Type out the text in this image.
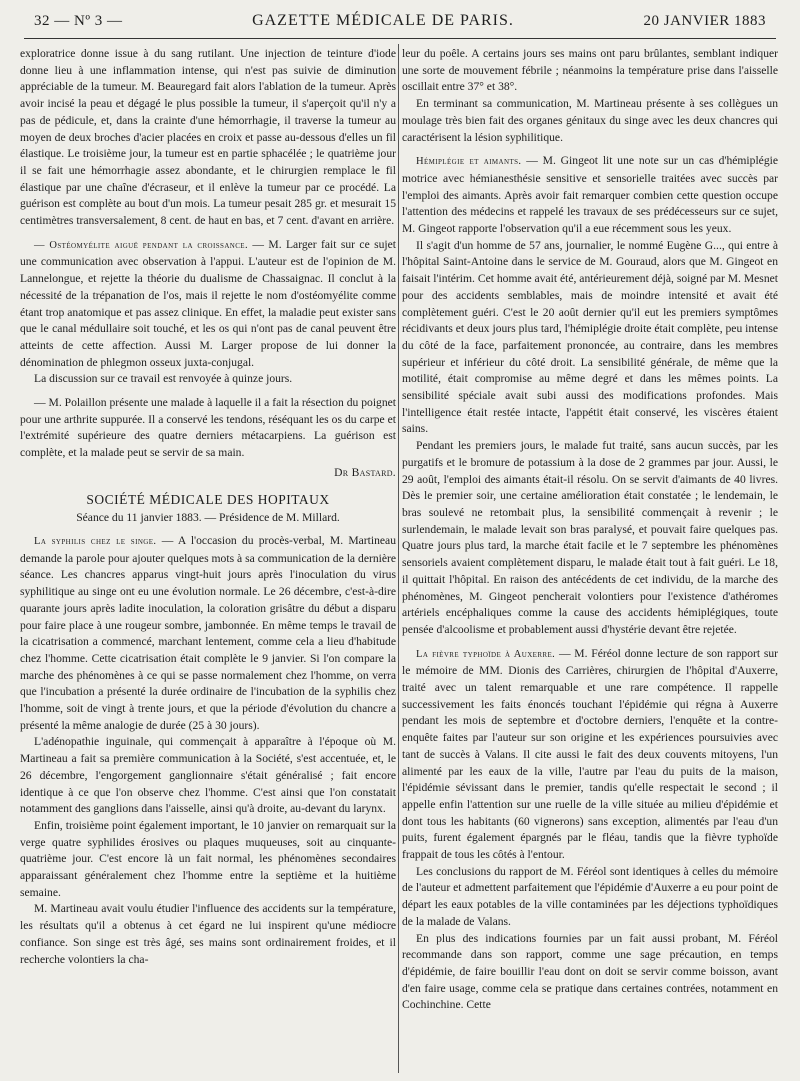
32 — Nº 3 —	GAZETTE MÉDICALE DE PARIS.	20 JANVIER 1883

exploratrice donne issue à du sang rutilant. Une injection de teinture d'iode donne lieu à une inflammation intense, qui n'est pas suivie de diminution appréciable de la tumeur. M. Beauregard fait alors l'ablation de la tumeur. Après avoir incisé la peau et dégagé le plus possible la tumeur, il s'aperçoit qu'il n'y a pas de pédicule, et, dans la crainte d'une hémorrhagie, il traverse la tumeur au moyen de deux broches d'acier placées en croix et passe au-dessous d'elles un fil élastique. Le troisième jour, la tumeur est en partie sphacélée ; le quatrième jour il se fait une hémorrhagie assez abondante, et le chirurgien remplace le fil élastique par une chaîne d'écraseur, et il enlève la tumeur par ce procédé. La guérison est complète au bout d'un mois. La tumeur pesait 285 gr. et mesurait 15 centimètres transversalement, 8 cent. de haut en bas, et 7 cent. d'avant en arrière.

— Ostéomyélite aiguë pendant la croissance. — M. Larger fait sur ce sujet une communication avec observation à l'appui. L'auteur est de l'opinion de M. Lannelongue, et rejette la théorie du dualisme de Chassaignac. Il conclut à la nécessité de la trépanation de l'os, mais il rejette le nom d'ostéomyélite comme étant trop anatomique et pas assez clinique. En effet, la maladie peut exister sans que le canal médullaire soit touché, et les os qui n'ont pas de canal peuvent être atteints de cette affection. Aussi M. Larger propose de lui donner la dénomination de phlegmon osseux juxta-conjugal.

La discussion sur ce travail est renvoyée à quinze jours.

— M. Polaillon présente une malade à laquelle il a fait la résection du poignet pour une arthrite suppurée. Il a conservé les tendons, réséquant les os du carpe et l'extrémité supérieure des quatre derniers métacarpiens. La guérison est complète, et la malade peut se servir de sa main.

Dr Bastard.

SOCIÉTÉ MÉDICALE DES HOPITAUX

Séance du 11 janvier 1883. — Présidence de M. Millard.

La syphilis chez le singe. — A l'occasion du procès-verbal, M. Martineau demande la parole pour ajouter quelques mots à sa communication de la dernière séance. Les chancres apparus vingt-huit jours après l'inoculation du virus syphilitique au singe ont eu une évolution normale. Le 26 décembre, c'est-à-dire quarante jours après ladite inoculation, la coloration grisâtre du début a disparu pour faire place à une rougeur sombre, jambonnée. En même temps le travail de la cicatrisation a commencé, marchant lentement, comme cela a lieu d'habitude chez l'homme. Cette cicatrisation était complète le 9 janvier. Si l'on compare la marche des phénomènes à ce qui se passe normalement chez l'homme, on verra que l'incubation a présenté la durée ordinaire de l'incubation de la syphilis chez l'homme, soit de vingt à trente jours, et que la période d'évolution du chancre a présenté la même analogie de durée (25 à 30 jours).

L'adénopathie inguinale, qui commençait à apparaître à l'époque où M. Martineau a fait sa première communication à la Société, s'est accentuée, et, le 26 décembre, l'engorgement ganglionnaire s'était généralisé ; fait encore identique à ce que l'on observe chez l'homme. C'est ainsi que l'on constatait notamment des ganglions dans l'aisselle, ainsi qu'à droite, au-devant du larynx.

Enfin, troisième point également important, le 10 janvier on remarquait sur la verge quatre syphilides érosives ou plaques muqueuses, soit au cinquante-quatrième jour. C'est encore là un fait normal, les phénomènes secondaires apparaissant généralement chez l'homme entre la septième et la huitième semaine.

M. Martineau avait voulu étudier l'influence des accidents sur la température, les résultats qu'il a obtenus à cet égard ne lui inspirent qu'une médiocre confiance. Son singe est très âgé, ses mains sont ordinairement froides, et il recherche volontiers la cha-

leur du poêle. A certains jours ses mains ont paru brûlantes, semblant indiquer une sorte de mouvement fébrile ; néanmoins la température prise dans l'aisselle oscillait entre 37° et 38°.

En terminant sa communication, M. Martineau présente à ses collègues un moulage très bien fait des organes génitaux du singe avec les deux chancres qui caractérisent la lésion syphilitique.

Hémiplégie et aimants. — M. Gingeot lit une note sur un cas d'hémiplégie motrice avec hémianesthésie sensitive et sensorielle traitées avec succès par l'emploi des aimants. Après avoir fait remarquer combien cette question occupe l'attention des médecins et rappelé les travaux de ses prédécesseurs sur ce sujet, M. Gingeot rapporte l'observation qu'il a eue récemment sous les yeux.

Il s'agit d'un homme de 57 ans, journalier, le nommé Eugène G..., qui entre à l'hôpital Saint-Antoine dans le service de M. Gouraud, alors que M. Gingeot en faisait l'intérim. Cet homme avait été, antérieurement déjà, soigné par M. Mesnet pour des accidents semblables, mais de moindre intensité et avait été complètement guéri. C'est le 20 août dernier qu'il eut les premiers symptômes récidivants et deux jours plus tard, l'hémiplégie droite était complète, peu intense du côté de la face, parfaitement prononcée, au contraire, dans les membres supérieur et inférieur du côté droit. La sensibilité générale, de même que la motilité, était compromise au même degré et dans les mêmes points. La sensibilité spéciale avait subi aussi des modifications profondes. Mais l'intelligence était restée intacte, l'appétit était conservé, les viscères étaient sains.

Pendant les premiers jours, le malade fut traité, sans aucun succès, par les purgatifs et le bromure de potassium à la dose de 2 grammes par jour. Aussi, le 29 août, l'emploi des aimants était-il résolu. On se servit d'aimants de 40 livres. Dès le premier soir, une certaine amélioration était constatée ; le lendemain, le bras soulevé ne retombait plus, la sensibilité commençait à revenir ; le surlendemain, le malade levait son bras paralysé, et pouvait faire quelques pas. Quatre jours plus tard, la marche était facile et le 7 septembre les phénomènes sensoriels avaient complètement disparu, le malade était tout à fait guéri. Le 18, il quittait l'hôpital. En raison des antécédents de cet individu, de la marche des phénomènes, M. Gingeot pencherait volontiers pour l'existence d'athéromes artériels encéphaliques comme la cause des accidents hémiplégiques, toute pensée d'alcoolisme et probablement aussi d'hystérie devant être rejetée.

La fièvre typhoïde à Auxerre. — M. Féréol donne lecture de son rapport sur le mémoire de MM. Dionis des Carrières, chirurgien de l'hôpital d'Auxerre, traité avec un talent remarquable et une rare compétence. Il rappelle successivement les faits énoncés touchant l'épidémie qui régna à Auxerre pendant les mois de septembre et d'octobre derniers, l'enquête et la contre-enquête faites par l'auteur sur son origine et les expériences poursuivies avec tant de succès à Valans. Il cite aussi le fait des deux couvents mitoyens, l'un alimenté par les eaux de la ville, l'autre par l'eau du puits de la maison, l'épidémie sévissant dans le premier, tandis qu'elle respectait le second ; il appelle enfin l'attention sur une ruelle de la ville située au milieu d'épidémie et dont tous les habitants (60 vignerons) sans exception, alimentés par l'eau d'un puits, furent également épargnés par le fléau, tandis que la fièvre typhoïde frappait de tous les côtés à l'entour.

Les conclusions du rapport de M. Féréol sont identiques à celles du mémoire de l'auteur et admettent parfaitement que l'épidémie d'Auxerre a eu pour point de départ les eaux potables de la ville contaminées par les déjections typhoïdiques de la malade de Valans.

En plus des indications fournies par un fait aussi probant, M. Féréol recommande dans son rapport, comme une sage précaution, en temps d'épidémie, de faire bouillir l'eau dont on doit se servir comme boisson, avant d'en faire usage, comme cela se pratique dans certaines contrées, notamment en Cochinchine. Cette
